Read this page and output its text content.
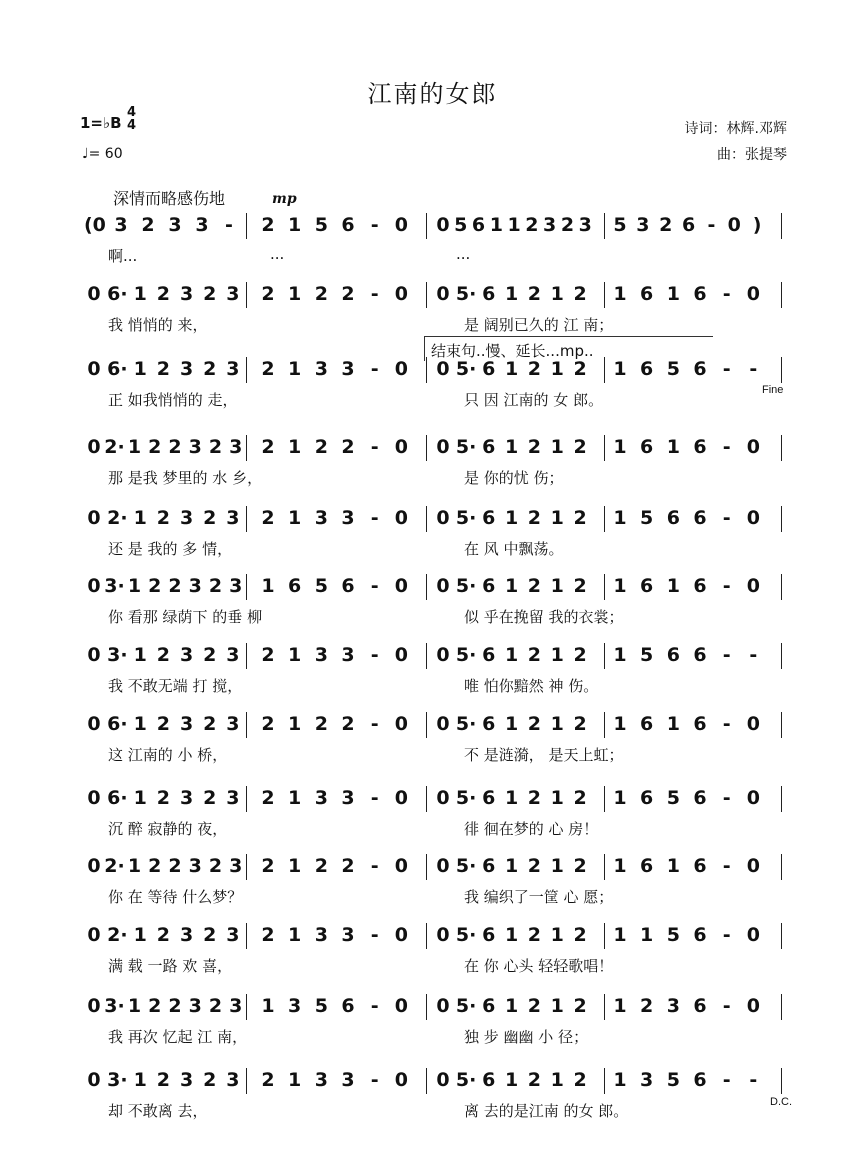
江南的女郎
1=♭B
4
4
♩= 60
诗词：林辉.邓辉
曲：张提琴
深情而略感伤地	mp
结束句..慢、延长...mp..
Fine
D.C.
(0 3 2 3 3 -	2 1 5 6 - 0 0 5 6 1 1 2 3 2 3 5 3 2 6 - 0 )
啊...	...	...
0 6· 1 2 3 2 3 2 1 2 2 - 0 0 5· 6 1 2 1 2 1 6 1 6 - 0
我 悄悄的 来，	是 阔别已久的 江 南；
0 6· 1 2 3 2 3 2 1 3 3 - 0 0 5· 6 1 2 1 2 1 6 5 6 - -
正 如我悄悄的 走，	只 因 江南的 女 郎。
0 2· 1 2 2 3 2 3 2 1 2 2 - 0 0 5· 6 1 2 1 2 1 6 1 6 - 0
那 是我 梦里的 水 乡，	是 你的忧 伤；
0 2· 1 2 3 2 3 2 1 3 3 - 0 0 5· 6 1 2 1 2 1 5 6 6 - 0
还 是 我的 多 情，	在 风 中飘荡。
0 3· 1 2 2 3 2 3 1 6 5 6 - 0 0 5· 6 1 2 1 2 1 6 1 6 - 0
你 看那 绿荫下 的垂 柳	似 乎在挽留 我的衣裳；
0 3· 1 2 3 2 3 2 1 3 3 - 0 0 5· 6 1 2 1 2 1 5 6 6 - -
我 不敢无端 打 搅，	唯 怕你黯然 神 伤。
0 6· 1 2 3 2 3 2 1 2 2 - 0 0 5· 6 1 2 1 2 1 6 1 6 - 0
这 江南的 小 桥，	不 是涟漪， 是天上虹；
0 6· 1 2 3 2 3 2 1 3 3 - 0 0 5· 6 1 2 1 2 1 6 5 6 - 0
沉 醉 寂静的 夜，	徘 徊在梦的 心 房！
0 2· 1 2 2 3 2 3 2 1 2 2 - 0 0 5· 6 1 2 1 2 1 6 1 6 - 0
你 在 等待 什么梦？	我 编织了一筐 心 愿；
0 2· 1 2 3 2 3 2 1 3 3 - 0 0 5· 6 1 2 1 2 1 1 5 6 - 0
满 载 一路 欢 喜，	在 你 心头 轻轻歌唱！
0 3· 1 2 2 3 2 3 1 3 5 6 - 0 0 5· 6 1 2 1 2 1 2 3 6 - 0
我 再次 忆起 江 南，	独 步 幽幽 小 径；
0 3· 1 2 3 2 3 2 1 3 3 - 0 0 5· 6 1 2 1 2 1 3 5 6 - -
却 不敢离 去，	离 去的是江南 的女 郎。
